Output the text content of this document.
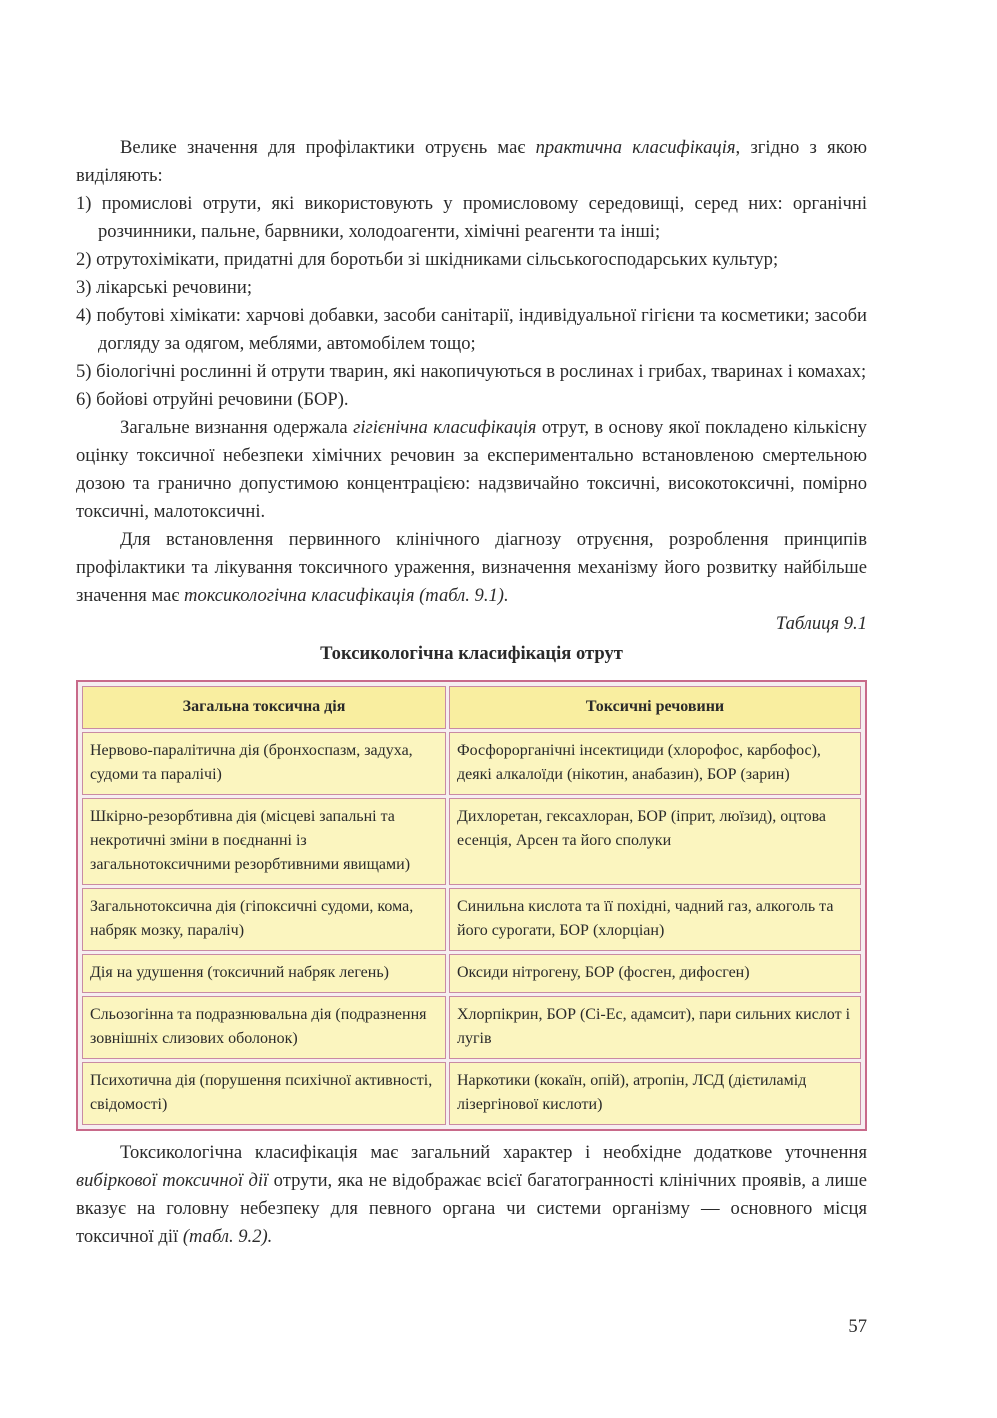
Велике значення для профілактики отруєнь має практична класифікація, згідно з якою виділяють:

1) промислові отрути, які використовують у промисловому середовищі, серед них: органічні розчинники, пальне, барвники, холодоагенти, хімічні реагенти та інші;

2) отрутохімікати, придатні для боротьби зі шкідниками сільськогосподарських культур;

3) лікарські речовини;

4) побутові хімікати: харчові добавки, засоби санітарії, індивідуальної гігієни та косметики; засоби догляду за одягом, меблями, автомобілем тощо;

5) біологічні рослинні й отрути тварин, які накопичуються в рослинах і грибах, тваринах і комахах;

6) бойові отруйні речовини (БОР).

Загальне визнання одержала гігієнічна класифікація отрут, в основу якої покладено кількісну оцінку токсичної небезпеки хімічних речовин за експериментально встановленою смертельною дозою та гранично допустимою концентрацією: надзвичайно токсичні, високотоксичні, помірно токсичні, малотоксичні.

Для встановлення первинного клінічного діагнозу отруєння, розроблення принципів профілактики та лікування токсичного ураження, визначення механізму його розвитку найбільше значення має токсикологічна класифікація (табл. 9.1).

Таблиця 9.1

Токсикологічна класифікація отрут

Загальна токсична дія	Токсичні речовини
Нервово-паралітична дія (бронхоспазм, задуха, судоми та паралічі)	Фосфорорганічні інсектициди (хлорофос, карбофос), деякі алкалоїди (нікотин, анабазин), БОР (зарин)
Шкірно-резорбтивна дія (місцеві запальні та некротичні зміни в поєднанні із загальнотоксичними резорбтивними явищами)	Дихлоретан, гексахлоран, БОР (іприт, люїзид), оцтова есенція, Арсен та його сполуки
Загальнотоксична дія (гіпоксичні судоми, кома, набряк мозку, параліч)	Синильна кислота та її похідні, чадний газ, алкоголь та його сурогати, БОР (хлорціан)
Дія на удушення (токсичний набряк легень)	Оксиди нітрогену, БОР (фосген, дифосген)
Сльозогінна та подразнювальна дія (подразнення зовнішніх слизових оболонок)	Хлорпікрин, БОР (Сі-Ес, адамсит), пари сильних кислот і лугів
Психотична дія (порушення психічної активності, свідомості)	Наркотики (кокаїн, опій), атропін, ЛСД (дієтиламід лізергінової кислоти)

Токсикологічна класифікація має загальний характер і необхідне додаткове уточнення вибіркової токсичної дії отрути, яка не відображає всієї багатогранності клінічних проявів, а лише вказує на головну небезпеку для певного органа чи системи організму — основного місця токсичної дії (табл. 9.2).

57
